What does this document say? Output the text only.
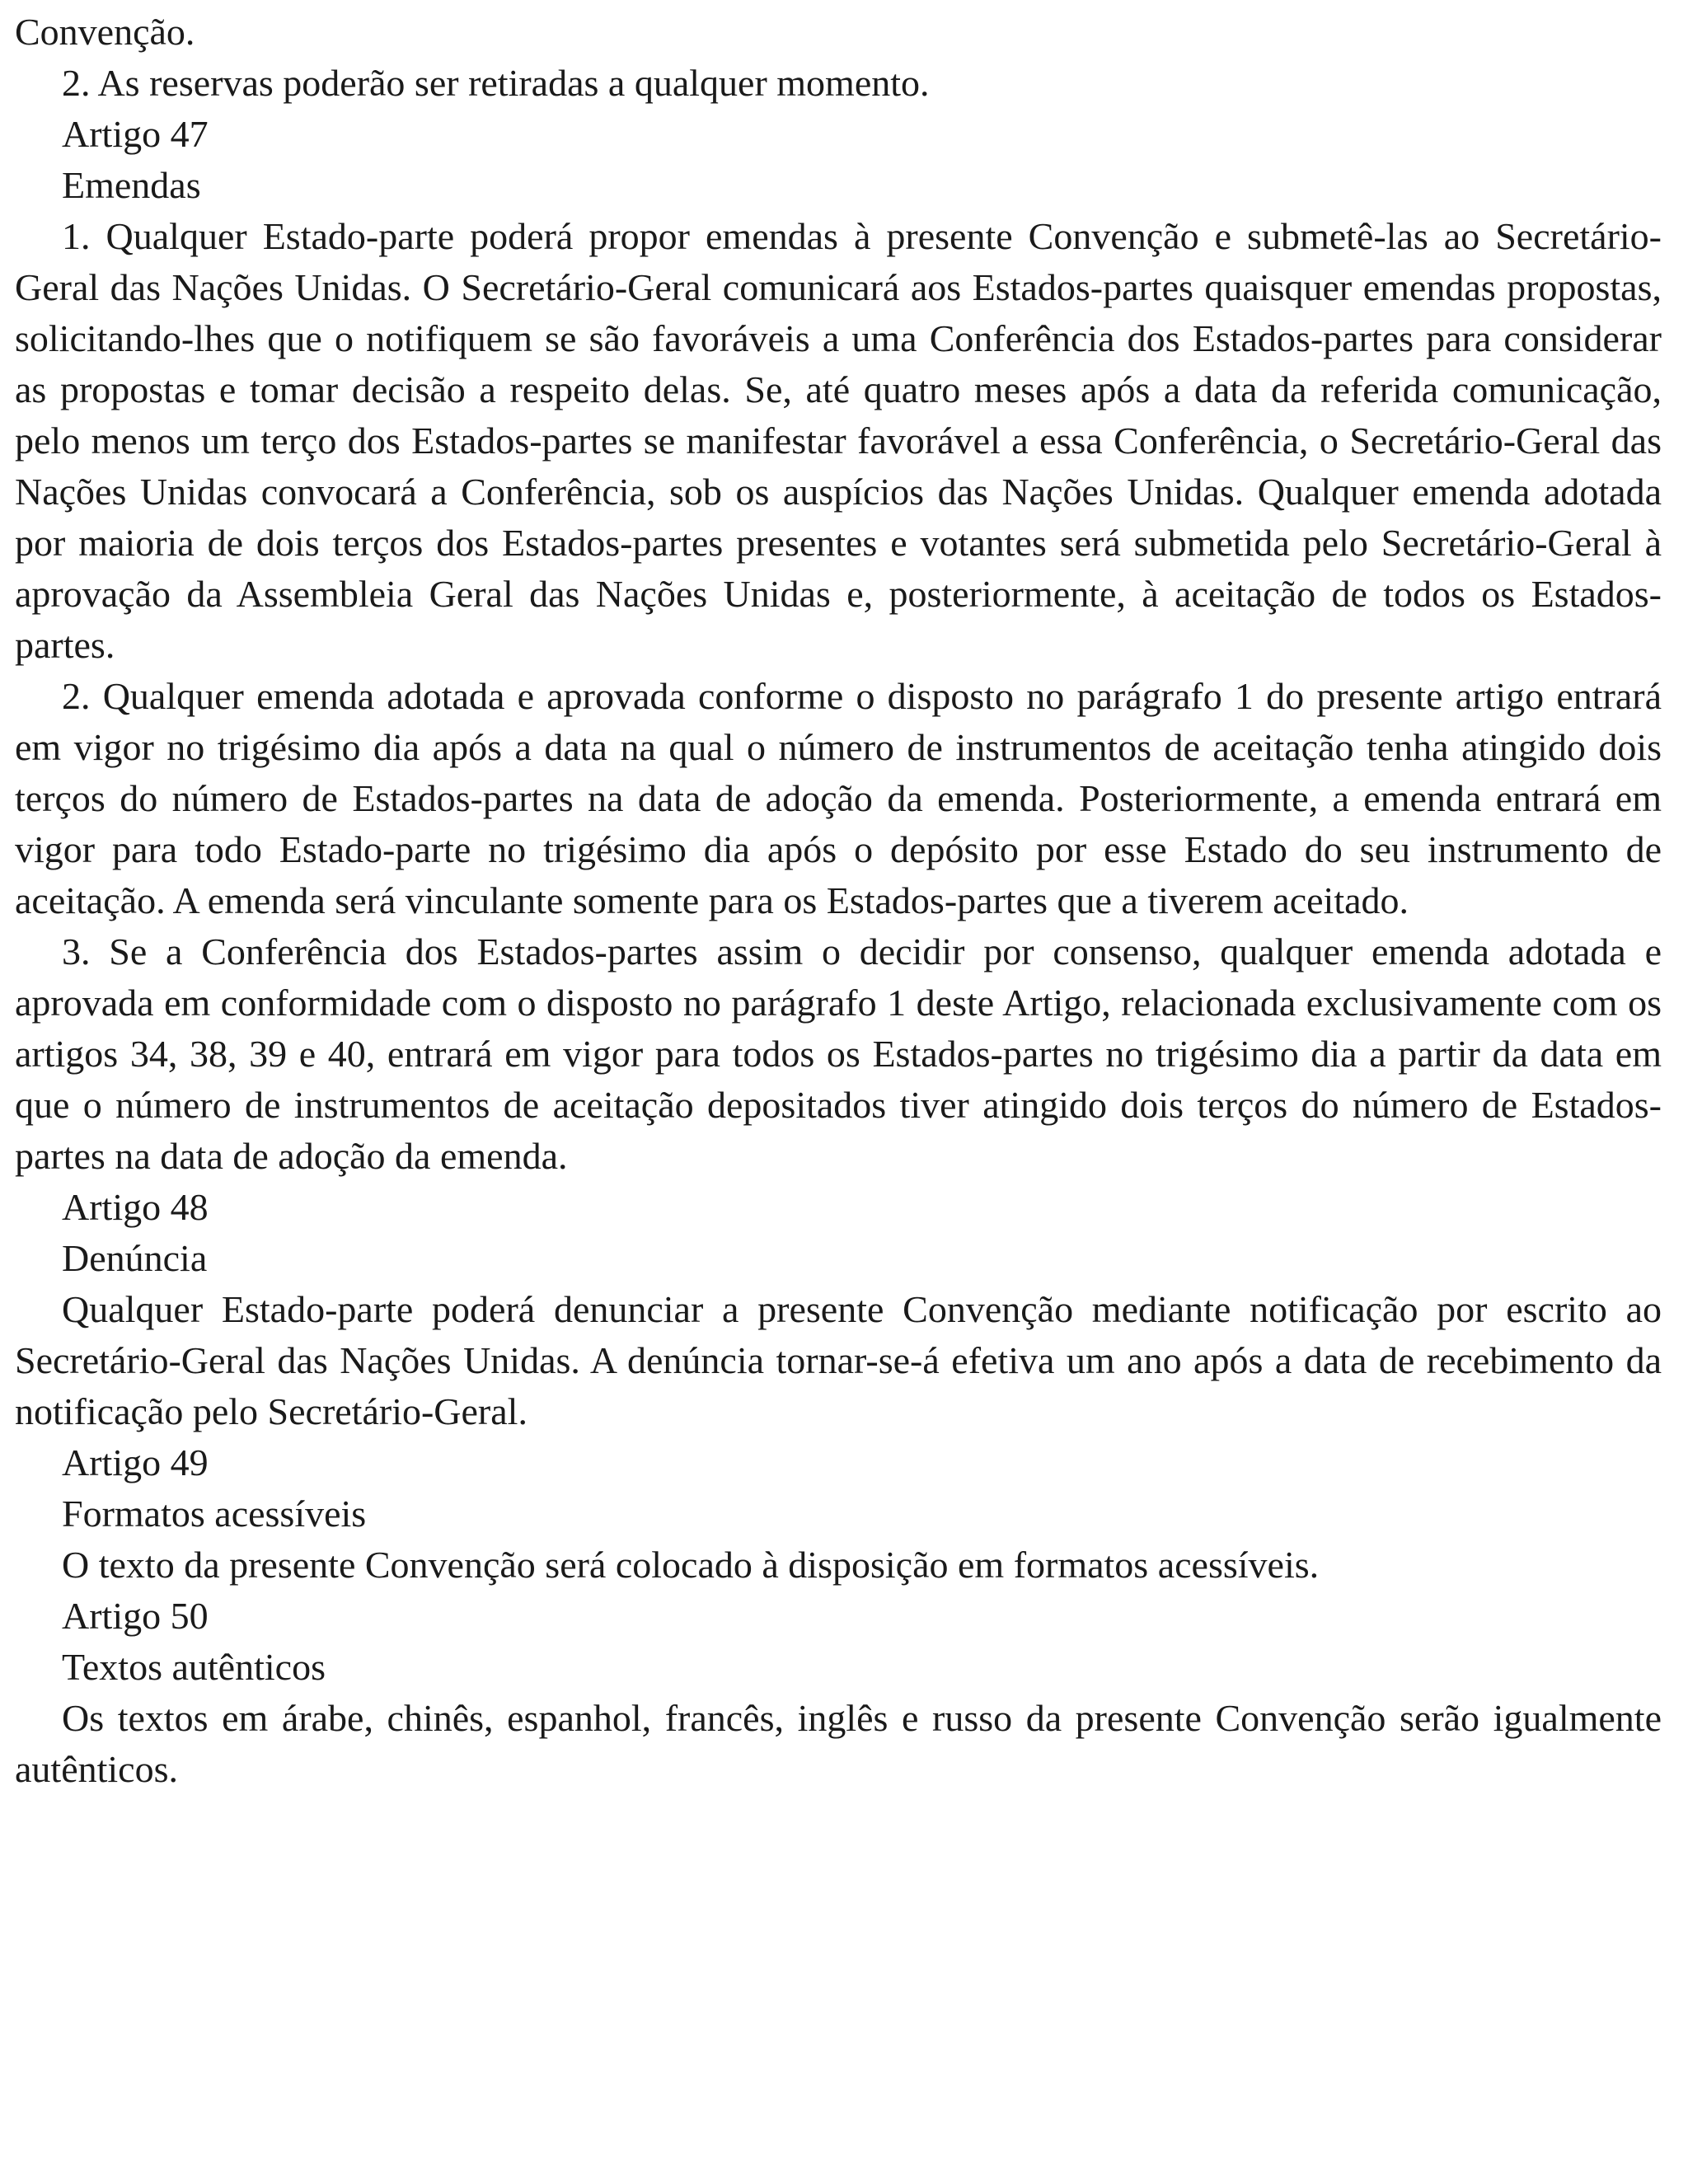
Convenção.
2. As reservas poderão ser retiradas a qualquer momento.
Artigo 47
Emendas

1. Qualquer Estado-parte poderá propor emendas à presente Convenção e submetê-las ao Secretário-Geral das Nações Unidas. O Secretário-Geral comunicará aos Estados-partes quaisquer emendas propostas, solicitando-lhes que o notifiquem se são favoráveis a uma Conferência dos Estados-partes para considerar as propostas e tomar decisão a respeito delas. Se, até quatro meses após a data da referida comunicação, pelo menos um terço dos Estados-partes se manifestar favorável a essa Conferência, o Secretário-Geral das Nações Unidas convocará a Conferência, sob os auspícios das Nações Unidas. Qualquer emenda adotada por maioria de dois terços dos Estados-partes presentes e votantes será submetida pelo Secretário-Geral à aprovação da Assembleia Geral das Nações Unidas e, posteriormente, à aceitação de todos os Estados-partes.

2. Qualquer emenda adotada e aprovada conforme o disposto no parágrafo 1 do presente artigo entrará em vigor no trigésimo dia após a data na qual o número de instrumentos de aceitação tenha atingido dois terços do número de Estados-partes na data de adoção da emenda. Posteriormente, a emenda entrará em vigor para todo Estado-parte no trigésimo dia após o depósito por esse Estado do seu instrumento de aceitação. A emenda será vinculante somente para os Estados-partes que a tiverem aceitado.

3. Se a Conferência dos Estados-partes assim o decidir por consenso, qualquer emenda adotada e aprovada em conformidade com o disposto no parágrafo 1 deste Artigo, relacionada exclusivamente com os artigos 34, 38, 39 e 40, entrará em vigor para todos os Estados-partes no trigésimo dia a partir da data em que o número de instrumentos de aceitação depositados tiver atingido dois terços do número de Estados-partes na data de adoção da emenda.

Artigo 48
Denúncia

Qualquer Estado-parte poderá denunciar a presente Convenção mediante notificação por escrito ao Secretário-Geral das Nações Unidas. A denúncia tornar-se-á efetiva um ano após a data de recebimento da notificação pelo Secretário-Geral.

Artigo 49
Formatos acessíveis
O texto da presente Convenção será colocado à disposição em formatos acessíveis.
Artigo 50
Textos autênticos

Os textos em árabe, chinês, espanhol, francês, inglês e russo da presente Convenção serão igualmente autênticos.
